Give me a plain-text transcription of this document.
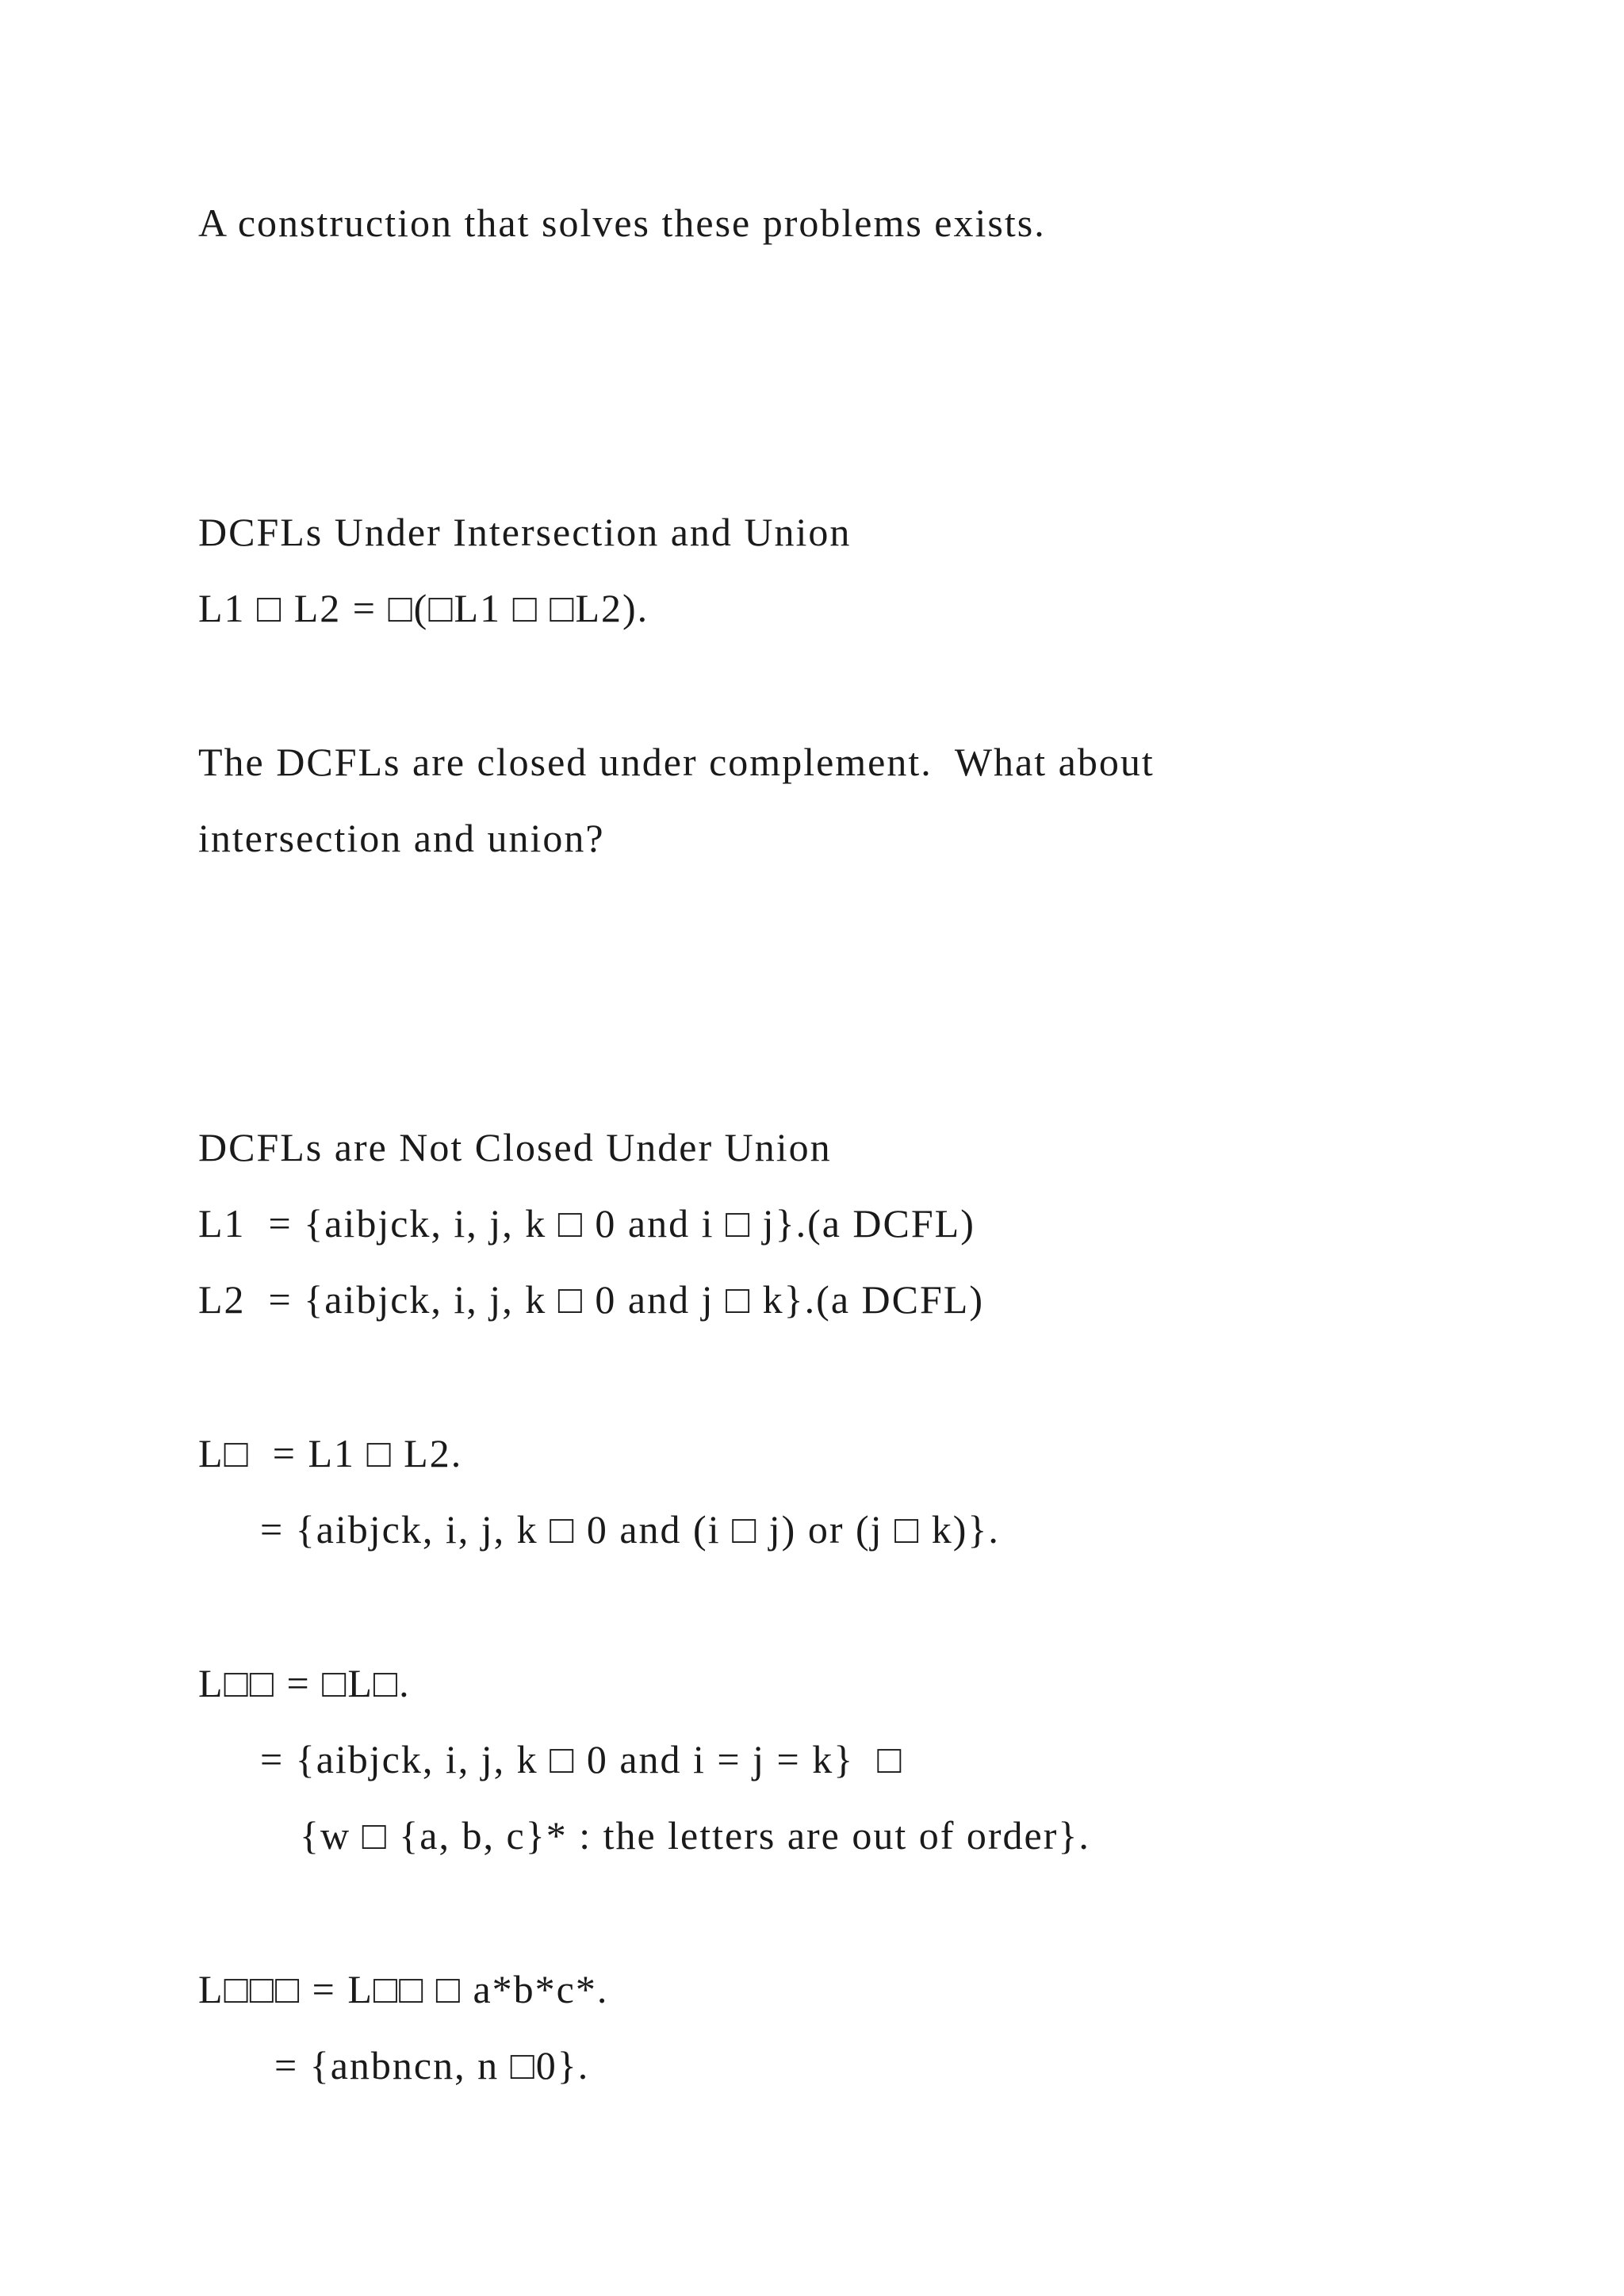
A construction that solves these problems exists.
DCFLs Under Intersection and Union
L1 □ L2 = □(□L1 □ □L2).
The DCFLs are closed under complement.  What about
intersection and union?
DCFLs are Not Closed Under Union
L1  = {aibjck, i, j, k □ 0 and i □ j}.(a DCFL)
L2  = {aibjck, i, j, k □ 0 and j □ k}.(a DCFL)
L□  = L1 □ L2.
= {aibjck, i, j, k □ 0 and (i □ j) or (j □ k)}.
L□□ = □L□.
= {aibjck, i, j, k □ 0 and i = j = k}  □
{w □ {a, b, c}* : the letters are out of order}.
L□□□ = L□□ □ a*b*c*.
= {anbncn, n □0}.
